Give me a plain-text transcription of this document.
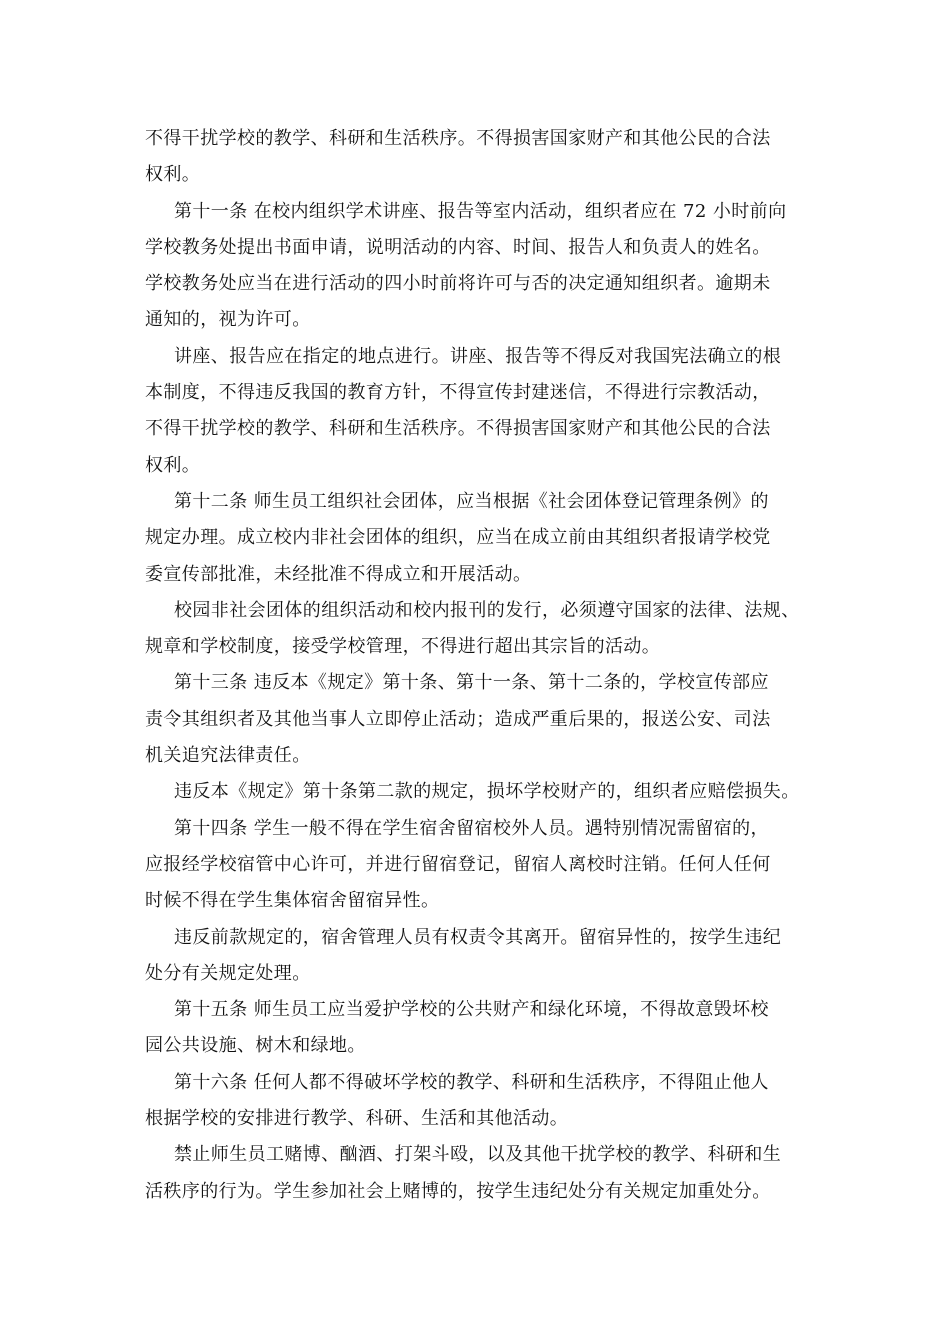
不得干扰学校的教学、科研和生活秩序。不得损害国家财产和其他公民的合法
权利。
第十一条 在校内组织学术讲座、报告等室内活动，组织者应在 72 小时前向
学校教务处提出书面申请，说明活动的内容、时间、报告人和负责人的姓名。
学校教务处应当在进行活动的四小时前将许可与否的决定通知组织者。逾期未
通知的，视为许可。
讲座、报告应在指定的地点进行。讲座、报告等不得反对我国宪法确立的根
本制度，不得违反我国的教育方针，不得宣传封建迷信，不得进行宗教活动，
不得干扰学校的教学、科研和生活秩序。不得损害国家财产和其他公民的合法
权利。
第十二条 师生员工组织社会团体，应当根据《社会团体登记管理条例》的
规定办理。成立校内非社会团体的组织，应当在成立前由其组织者报请学校党
委宣传部批准，未经批准不得成立和开展活动。
校园非社会团体的组织活动和校内报刊的发行，必须遵守国家的法律、法规、
规章和学校制度，接受学校管理，不得进行超出其宗旨的活动。
第十三条 违反本《规定》第十条、第十一条、第十二条的，学校宣传部应
责令其组织者及其他当事人立即停止活动；造成严重后果的，报送公安、司法
机关追究法律责任。
违反本《规定》第十条第二款的规定，损坏学校财产的，组织者应赔偿损失。
第十四条 学生一般不得在学生宿舍留宿校外人员。遇特别情况需留宿的，
应报经学校宿管中心许可，并进行留宿登记，留宿人离校时注销。任何人任何
时候不得在学生集体宿舍留宿异性。
违反前款规定的，宿舍管理人员有权责令其离开。留宿异性的，按学生违纪
处分有关规定处理。
第十五条 师生员工应当爱护学校的公共财产和绿化环境，不得故意毁坏校
园公共设施、树木和绿地。
第十六条 任何人都不得破坏学校的教学、科研和生活秩序，不得阻止他人
根据学校的安排进行教学、科研、生活和其他活动。
禁止师生员工赌博、酗酒、打架斗殴，以及其他干扰学校的教学、科研和生
活秩序的行为。学生参加社会上赌博的，按学生违纪处分有关规定加重处分。
